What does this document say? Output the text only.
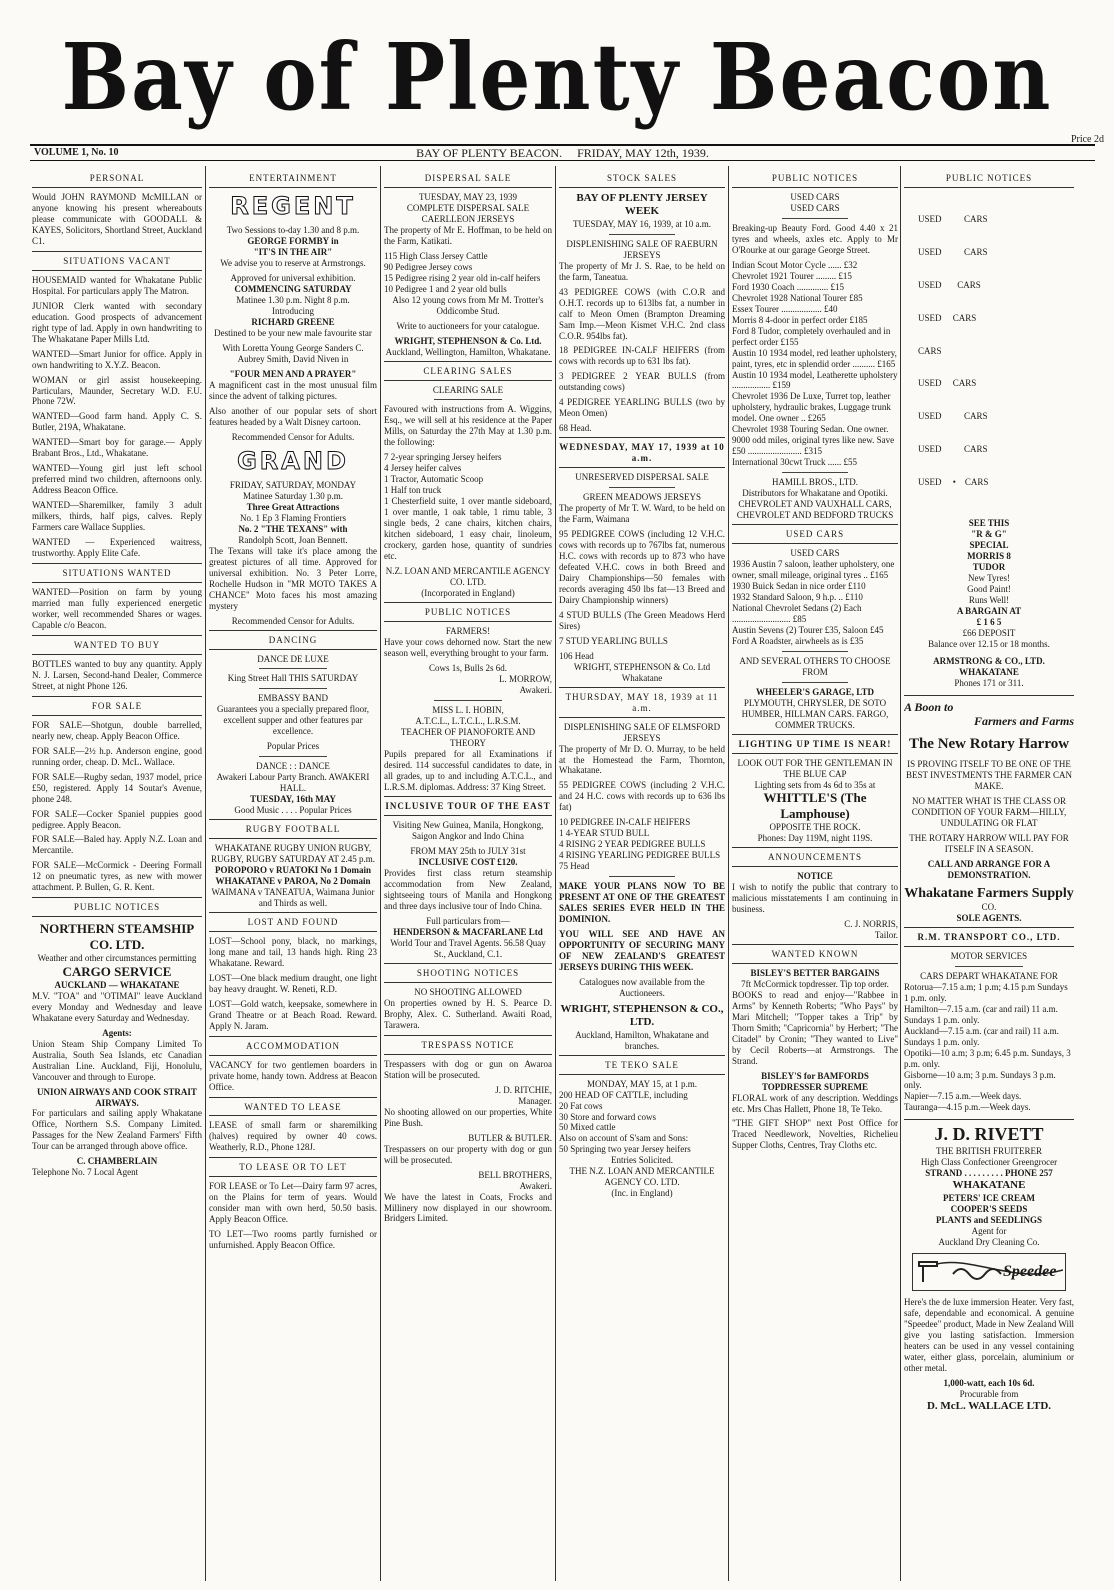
Bay of Plenty Beacon
Price 2d
VOLUME 1, No. 10	BAY OF PLENTY BEACON. FRIDAY, MAY 12th, 1939.
PERSONAL

Would JOHN RAYMOND McMILLAN or anyone knowing his present whereabouts please communicate with GOODALL & KAYES, Solicitors, Shortland Street, Auckland C1.

SITUATIONS VACANT

HOUSEMAID wanted for Whakatane Public Hospital. For particulars apply The Matron.

JUNIOR Clerk wanted with secondary education. Good prospects of advancement right type of lad. Apply in own handwriting to The Whakatane Paper Mills Ltd.

WANTED—Smart Junior for office. Apply in own handwriting to X.Y.Z. Beacon.

WOMAN or girl assist housekeeping. Particulars, Maunder, Secretary W.D. F.U. Phone 72W.

WANTED—Good farm hand. Apply C. S. Butler, 219A, Whakatane.

WANTED—Smart boy for garage.— Apply Brabant Bros., Ltd., Whakatane.

WANTED—Young girl just left school preferred mind two children, afternoons only. Address Beacon Office.

WANTED—Sharemilker, family 3 adult milkers, thirds, half pigs, calves. Reply Farmers care Wallace Supplies.

WANTED — Experienced waitress, trustworthy. Apply Elite Cafe.

SITUATIONS WANTED

WANTED—Position on farm by young married man fully experienced energetic worker, well recommended Shares or wages. Capable c/o Beacon.

WANTED TO BUY

BOTTLES wanted to buy any quantity. Apply N. J. Larsen, Second-hand Dealer, Commerce Street, at night Phone 126.

FOR SALE

FOR SALE—Shotgun, double barrelled, nearly new, cheap. Apply Beacon Office.

FOR SALE—2½ h.p. Anderson engine, good running order, cheap. D. McL. Wallace.

FOR SALE—Rugby sedan, 1937 model, price £50, registered. Apply 14 Soutar's Avenue, phone 248.

FOR SALE—Cocker Spaniel puppies good pedigree. Apply Beacon.

FOR SALE—Baled hay. Apply N.Z. Loan and Mercantile.

FOR SALE—McCormick - Deering Formall 12 on pneumatic tyres, as new with mower attachment. P. Bullen, G. R. Kent.

PUBLIC NOTICES
NORTHERN STEAMSHIP CO. LTD.
Weather and other circumstances permitting
CARGO SERVICE
AUCKLAND — WHAKATANE

M.V. "TOA" and "OTIMAI" leave Auckland every Monday and Wednesday and leave Whakatane every Saturday and Wednesday.

Agents:

Union Steam Ship Company Limited To Australia, South Sea Islands, etc Canadian Australian Line. Auckland, Fiji, Honolulu, Vancouver and through to Europe.

UNION AIRWAYS AND COOK STRAIT AIRWAYS.

For particulars and sailing apply Whakatane Office, Northern S.S. Company Limited. Passages for the New Zealand Farmers' Fifth Tour can be arranged through above office.

C. CHAMBERLAIN
Telephone No. 7 Local Agent
ENTERTAINMENT
REGENT
Two Sessions to-day 1.30 and 8 p.m.
GEORGE FORMBY in
"IT'S IN THE AIR"

We advise you to reserve at Armstrongs.

Approved for universal exhibition.
COMMENCING SATURDAY
Matinee 1.30 p.m. Night 8 p.m.
Introducing
RICHARD GREENE

Destined to be your new male favourite star

With Loretta Young George Sanders C. Aubrey Smith, David Niven in

"FOUR MEN AND A PRAYER"

A magnificent cast in the most unusual film since the advent of talking pictures.

Also another of our popular sets of short features headed by a Walt Disney cartoon.

Recommended Censor for Adults.
GRAND
FRIDAY, SATURDAY, MONDAY
Matinee Saturday 1.30 p.m.
Three Great Attractions
No. 1 Ep 3 Flaming Frontiers
No. 2 "THE TEXANS" with
Randolph Scott, Joan Bennett.

The Texans will take it's place among the greatest pictures of all time. Approved for universal exhibition. No. 3 Peter Lorre, Rochelle Hudson in "MR MOTO TAKES A CHANCE" Moto faces his most amazing mystery

Recommended Censor for Adults.
DANCING
DANCE DE LUXE
King Street Hall THIS SATURDAY
EMBASSY BAND

Guarantees you a specially prepared floor, excellent supper and other features par excellence.

Popular Prices
DANCE : : DANCE
Awakeri Labour Party Branch. AWAKERI HALL.
TUESDAY, 16th MAY
Good Music . . . . Popular Prices
RUGBY FOOTBALL
WHAKATANE RUGBY UNION RUGBY, RUGBY, RUGBY SATURDAY AT 2.45 p.m.
POROPORO v RUATOKI No 1 Domain
WHAKATANE v PAROA, No 2 Domain
WAIMANA v TANEATUA, Waimana Junior and Thirds as well.
LOST AND FOUND

LOST—School pony, black, no markings, long mane and tail, 13 hands high. Ring 23 Whakatane. Reward.

LOST—One black medium draught, one light bay heavy draught. W. Reneti, R.D.

LOST—Gold watch, keepsake, somewhere in Grand Theatre or at Beach Road. Reward. Apply N. Jaram.

ACCOMMODATION

VACANCY for two gentlemen boarders in private home, handy town. Address at Beacon Office.

WANTED TO LEASE

LEASE of small farm or sharemilking (halves) required by owner 40 cows. Weatherly, R.D., Phone 128J.

TO LEASE OR TO LET

FOR LEASE or To Let—Dairy farm 97 acres, on the Plains for term of years. Would consider man with own herd, 50.50 basis. Apply Beacon Office.

TO LET—Two rooms partly furnished or unfurnished. Apply Beacon Office.

DISPERSAL SALE
TUESDAY, MAY 23, 1939
COMPLETE DISPERSAL SALE CAERLLEON JERSEYS

The property of Mr E. Hoffman, to be held on the Farm, Katikati.

115 High Class Jersey Cattle
90 Pedigree Jersey cows
15 Pedigree rising 2 year old in-calf heifers
10 Pedigree 1 and 2 year old bulls

Also 12 young cows from Mr M. Trotter's Oddicombe Stud.

Write to auctioneers for your catalogue.

WRIGHT, STEPHENSON & Co. Ltd.
Auckland, Wellington, Hamilton, Whakatane.
CLEARING SALES
CLEARING SALE

Favoured with instructions from A. Wiggins, Esq., we will sell at his residence at the Paper Mills, on Saturday the 27th May at 1.30 p.m. the following:

7 2-year springing Jersey heifers
4 Jersey heifer calves
1 Tractor, Automatic Scoop
1 Half ton truck

1 Chesterfield suite, 1 over mantle sideboard, 1 over mantle, 1 oak table, 1 rimu table, 3 single beds, 2 cane chairs, kitchen chairs, kitchen sideboard, 1 easy chair, linoleum, crockery, garden hose, quantity of sundries etc.

N.Z. LOAN AND MERCANTILE AGENCY CO. LTD.
(Incorporated in England)
PUBLIC NOTICES
FARMERS!

Have your cows dehorned now. Start the new season well, everything brought to your farm.

Cows 1s, Bulls 2s 6d.
L. MORROW,
Awakeri.
MISS L. I. HOBIN,
A.T.C.L., L.T.C.L., L.R.S.M.
TEACHER OF PIANOFORTE AND THEORY

Pupils prepared for all Examinations if desired. 114 successful candidates to date, in all grades, up to and including A.T.C.L., and L.R.S.M. diplomas. Address: 37 King Street.

INCLUSIVE TOUR OF THE EAST

Visiting New Guinea, Manila, Hongkong, Saigon Angkor and Indo China

FROM MAY 25th to JULY 31st
INCLUSIVE COST £120.

Provides first class return steamship accommodation from New Zealand, sightseeing tours of Manila and Hongkong and three days inclusive tour of Indo China.

Full particulars from—
HENDERSON & MACFARLANE Ltd
World Tour and Travel Agents. 56.58 Quay St., Auckland, C.1.
SHOOTING NOTICES
NO SHOOTING ALLOWED

On properties owned by H. S. Pearce D. Brophy, Alex. C. Sutherland. Awaiti Road, Tarawera.

TRESPASS NOTICE

Trespassers with dog or gun on Awaroa Station will be prosecuted.

J. D. RITCHIE,
Manager.

No shooting allowed on our properties, White Pine Bush.

BUTLER & BUTLER.

Trespassers on our property with dog or gun will be prosecuted.

BELL BROTHERS,
Awakeri.

We have the latest in Coats, Frocks and Millinery now displayed in our showroom. Bridgers Limited.

STOCK SALES
BAY OF PLENTY JERSEY WEEK
TUESDAY, MAY 16, 1939, at 10 a.m.
DISPLENISHING SALE OF RAEBURN JERSEYS

The property of Mr J. S. Rae, to be held on the farm, Taneatua.

43 PEDIGREE COWS (with C.O.R and O.H.T. records up to 613lbs fat, a number in calf to Meon Omen (Brampton Dreaming Sam Imp.—Meon Kismet V.H.C. 2nd class C.O.R. 954lbs fat).

18 PEDIGREE IN-CALF HEIFERS (from cows with records up to 631 lbs fat).

3 PEDIGREE 2 YEAR BULLS (from outstanding cows)

4 PEDIGREE YEARLING BULLS (two by Meon Omen)

68 Head.
WEDNESDAY, MAY 17, 1939 at 10 a.m.
UNRESERVED DISPERSAL SALE
GREEN MEADOWS JERSEYS

The property of Mr T. W. Ward, to be held on the Farm, Waimana

95 PEDIGREE COWS (including 12 V.H.C. cows with records up to 767lbs fat, numerous H.C. cows with records up to 873 who have defeated V.H.C. cows in both Breed and Dairy Championships—50 females with records averaging 450 lbs fat—13 Breed and Dairy Championship winners)

4 STUD BULLS (The Green Meadows Herd Sires)

7 STUD YEARLING BULLS

106 Head
WRIGHT, STEPHENSON & Co. Ltd
Whakatane
THURSDAY, MAY 18, 1939 at 11 a.m.
DISPLENISHING SALE OF ELMSFORD JERSEYS

The property of Mr D. O. Murray, to be held at the Homestead the Farm, Thornton, Whakatane.

55 PEDIGREE COWS (including 2 V.H.C. and 24 H.C. cows with records up to 636 lbs fat)

10 PEDIGREE IN-CALF HEIFERS
1 4-YEAR STUD BULL
4 RISING 2 YEAR PEDIGREE BULLS
4 RISING YEARLING PEDIGREE BULLS
75 Head

MAKE YOUR PLANS NOW TO BE PRESENT AT ONE OF THE GREATEST SALES SERIES EVER HELD IN THE DOMINION.

YOU WILL SEE AND HAVE AN OPPORTUNITY OF SECURING MANY OF NEW ZEALAND'S GREATEST JERSEYS DURING THIS WEEK.

Catalogues now available from the Auctioneers.

WRIGHT, STEPHENSON & CO., LTD.
Auckland, Hamilton, Whakatane and branches.
TE TEKO SALE
MONDAY, MAY 15, at 1 p.m.
200 HEAD OF CATTLE, including
20 Fat cows
30 Store and forward cows
50 Mixed cattle
Also on account of S'sam and Sons:
50 Springing two year Jersey heifers
Entries Solicited.
THE N.Z. LOAN AND MERCANTILE AGENCY CO. LTD.
(Inc. in England)
PUBLIC NOTICES
USED CARS
USED CARS

Breaking-up Beauty Ford. Good 4.40 x 21 tyres and wheels, axles etc. Apply to Mr O'Rourke at our garage George Street.

Indian Scout Motor Cycle ...... £32
Chevrolet 1921 Tourer ......... £15
Ford 1930 Coach .............. £15
Chevrolet 1928 National Tourer £85
Essex Tourer .................. £40
Morris 8 4-door in perfect order £185
Ford 8 Tudor, completely overhauled and in perfect order £155
Austin 10 1934 model, red leather upholstery, paint, tyres, etc in splendid order .......... £165
Austin 10 1934 model, Leatherette upholstery ................. £159
Chevrolet 1936 De Luxe, Turret top, leather upholstery, hydraulic brakes, Luggage trunk model. One owner .. £265
Chevrolet 1938 Touring Sedan. One owner. 9000 odd miles, original tyres like new. Save £50 ........................ £315
International 30cwt Truck ...... £55
HAMILL BROS., LTD.
Distributors for Whakatane and Opotiki.
CHEVROLET AND VAUXHALL CARS,
CHEVROLET AND BEDFORD TRUCKS
USED CARS
USED CARS
1936 Austin 7 saloon, leather upholstery, one owner, small mileage, original tyres .. £165
1930 Buick Sedan in nice order £110
1932 Standard Saloon, 9 h.p. .. £110
National Chevrolet Sedans (2) Each .......................... £85
Austin Sevens (2) Tourer £35, Saloon £45
Ford A Roadster, airwheels as is £35
AND SEVERAL OTHERS TO CHOOSE FROM
WHEELER'S GARAGE, LTD
PLYMOUTH, CHRYSLER, DE SOTO HUMBER, HILLMAN CARS. FARGO, COMMER TRUCKS.
LIGHTING UP TIME IS NEAR!
LOOK OUT FOR THE GENTLEMAN IN THE BLUE CAP
Lighting sets from 4s 6d to 35s at
WHITTLE'S (The Lamphouse)
OPPOSITE THE ROCK.
Phones: Day 119M, night 119S.
ANNOUNCEMENTS
NOTICE

I wish to notify the public that contrary to malicious misstatements I am continuing in business.

C. J. NORRIS,
Tailor.
WANTED KNOWN
BISLEY'S BETTER BARGAINS
7ft McCormick topdresser. Tip top order.

BOOKS to read and enjoy—"Rabbee in Arms" by Kenneth Roberts; "Who Pays" by Mari Mitchell; "Topper takes a Trip" by Thorn Smith; "Capricornia" by Herbert; "The Citadel" by Cronin; "They wanted to Live" by Cecil Roberts—at Armstrongs. The Strand.

BISLEY'S for BAMFORDS TOPDRESSER SUPREME

FLORAL work of any description. Weddings etc. Mrs Chas Hallett, Phone 18, Te Teko.

"THE GIFT SHOP" next Post Office for Traced Needlework, Novelties, Richelieu Supper Cloths, Centres, Tray Cloths etc.

PUBLIC NOTICES

USED          CARS

USED          CARS

USED       CARS

USED     CARS

CARS

USED     CARS

USED          CARS

USED          CARS

USED     •    CARS

SEE THIS
"R & G"
SPECIAL
MORRIS 8
TUDOR
New Tyres!
Good Paint!
Runs Well!
A BARGAIN AT
£ 1 6 5
£66 DEPOSIT
Balance over 12.15 or 18 months.
ARMSTRONG & CO., LTD.
WHAKATANE
Phones 171 or 311.
A Boon to
Farmers and Farms
The New Rotary Harrow

IS PROVING ITSELF TO BE ONE OF THE BEST INVESTMENTS THE FARMER CAN MAKE.

NO MATTER WHAT IS THE CLASS OR CONDITION OF YOUR FARM—HILLY, UNDULATING OR FLAT

THE ROTARY HARROW WILL PAY FOR ITSELF IN A SEASON.

CALL AND ARRANGE FOR A DEMONSTRATION.

Whakatane Farmers Supply
CO.
SOLE AGENTS.
R.M. TRANSPORT CO., LTD.
MOTOR SERVICES
CARS DEPART WHAKATANE FOR
Rotorua—7.15 a.m; 1 p.m; 4.15 p.m Sundays 1 p.m. only.
Hamilton—7.15 a.m. (car and rail) 11 a.m. Sundays 1 p.m. only.
Auckland—7.15 a.m. (car and rail) 11 a.m. Sundays 1 p.m. only.
Opotiki—10 a.m; 3 p.m; 6.45 p.m. Sundays, 3 p.m. only.
Gisborne—10 a.m; 3 p.m. Sundays 3 p.m. only.
Napier—7.15 a.m.—Week days.
Tauranga—4.15 p.m.—Week days.
J. D. RIVETT
THE BRITISH FRUITERER
High Class Confectioner Greengrocer
STRAND . . . . . . . . . PHONE 257
WHAKATANE
PETERS' ICE CREAM
COOPER'S SEEDS
PLANTS and SEEDLINGS
Agent for
Auckland Dry Cleaning Co.
Speedee

Here's the de luxe immersion Heater. Very fast, safe, dependable and economical. A genuine "Speedee" product, Made in New Zealand Will give you lasting satisfaction. Immersion heaters can be used in any vessel containing water, either glass, porcelain, aluminium or other metal.

1,000-watt, each 10s 6d.
Procurable from
D. McL. WALLACE LTD.
